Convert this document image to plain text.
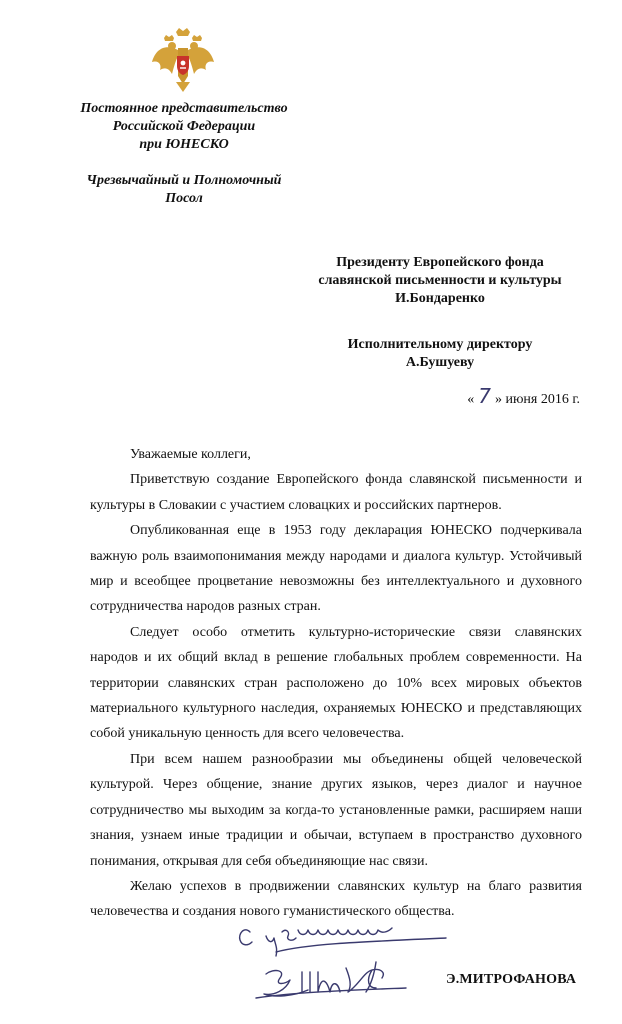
Постоянное представительство
Российской Федерации
при ЮНЕСКО
Чрезвычайный и Полномочный
Посол
Президенту Европейского фонда
славянской письменности и культуры
И.Бондаренко
Исполнительному директору
А.Бушуеву
« 7 » июня 2016 г.
Уважаемые коллеги,

Приветствую создание Европейского фонда славянской письменности и культуры в Словакии с участием словацких и российских партнеров.

Опубликованная еще в 1953 году декларация ЮНЕСКО подчеркивала важную роль взаимопонимания между народами и диалога культур. Устойчивый мир и всеобщее процветание невозможны без интеллектуального и духовного сотрудничества народов разных стран.

Следует особо отметить культурно-исторические связи славянских народов и их общий вклад в решение глобальных проблем современности. На территории славянских стран расположено до 10% всех мировых объектов материального культурного наследия, охраняемых ЮНЕСКО и представляющих собой уникальную ценность для всего человечества.

При всем нашем разнообразии мы объединены общей человеческой культурой. Через общение, знание других языков, через диалог и научное сотрудничество мы выходим за когда-то установленные рамки, расширяем наши знания, узнаем иные традиции и обычаи, вступаем в пространство духовного понимания, открывая для себя объединяющие нас связи.

Желаю успехов в продвижении славянских культур на благо развития человечества и создания нового гуманистического общества.

Э.МИТРОФАНОВА
